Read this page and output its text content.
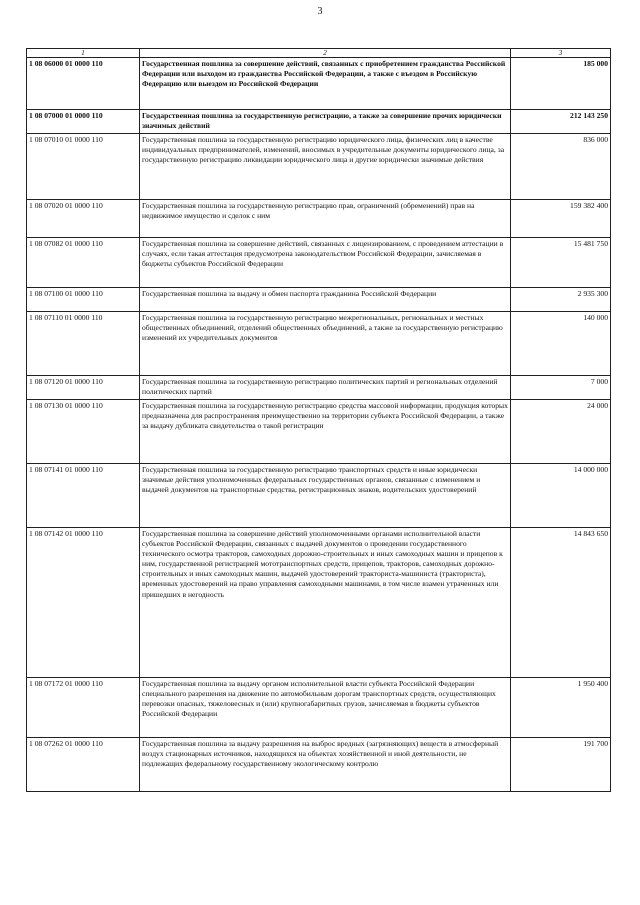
3
1	2	3
1 08 06000 01 0000 110	Государственная пошлина за совершение действий, связанных с приобретением гражданства Российской Федерации или выходом из гражданства Российской Федерации, а также с въездом в Российскую Федерацию или выездом из Российской Федерации	185 000
1 08 07000 01 0000 110	Государственная пошлина за государственную регистрацию, а также за совершение прочих юридически значимых действий	212 143 250
1 08 07010 01 0000 110	Государственная пошлина за государственную регистрацию юридического лица, физических лиц в качестве индивидуальных предпринимателей, изменений, вносимых в учредительные документы юридического лица, за государственную регистрацию ликвидации юридического лица и другие юридически значимые действия	836 000
1 08 07020 01 0000 110	Государственная пошлина за государственную регистрацию прав, ограничений (обременений) прав на недвижимое имущество и сделок с ним	159 382 400
1 08 07082 01 0000 110	Государственная пошлина за совершение действий, связанных с лицензированием, с проведением аттестации в случаях, если такая аттестация предусмотрена законодательством Российской Федерации, зачисляемая в бюджеты субъектов Российской Федерации	15 481 750
1 08 07100 01 0000 110	Государственная пошлина за выдачу и обмен паспорта гражданина Российской Федерации	2 935 300
1 08 07110 01 0000 110	Государственная пошлина за государственную регистрацию межрегиональных, региональных и местных общественных объединений, отделений общественных объединений, а также за государственную регистрацию изменений их учредительных документов	140 000
1 08 07120 01 0000 110	Государственная пошлина за государственную регистрацию политических партий и региональных отделений политических партий	7 000
1 08 07130 01 0000 110	Государственная пошлина за государственную регистрацию средства массовой информации, продукция которых предназначена для распространения преимущественно на территории субъекта Российской Федерации, а также за выдачу дубликата свидетельства о такой регистрации	24 000
1 08 07141 01 0000 110	Государственная пошлина за государственную регистрацию транспортных средств и иные юридически значимые действия уполномоченных федеральных государственных органов, связанные с изменением и выдачей документов на транспортные средства, регистрационных знаков, водительских удостоверений	14 000 000
1 08 07142 01 0000 110	Государственная пошлина за совершение действий уполномоченными органами исполнительной власти субъектов Российской Федерации, связанных с выдачей документов о проведении государственного технического осмотра тракторов, самоходных дорожно-строительных и иных самоходных машин и прицепов к ним, государственной регистрацией мототранспортных средств, прицепов, тракторов, самоходных дорожно-строительных и иных самоходных машин, выдачей удостоверений тракториста-машиниста (тракториста), временных удостоверений на право управления самоходными машинами, в том числе взамен утраченных или пришедших в негодность	14 843 650
1 08 07172 01 0000 110	Государственная пошлина за выдачу органом исполнительной власти субъекта Российской Федерации специального разрешения на движение по автомобильным дорогам транспортных средств, осуществляющих перевозки опасных, тяжеловесных и (или) крупногабаритных грузов, зачисляемая в бюджеты субъектов Российской Федерации	1 950 400
1 08 07262 01 0000 110	Государственная пошлина за выдачу разрешения на выброс вредных (загрязняющих) веществ в атмосферный воздух стационарных источников, находящихся на объектах хозяйственной и иной деятельности, не подлежащих федеральному государственному экологическому контролю	191 700
